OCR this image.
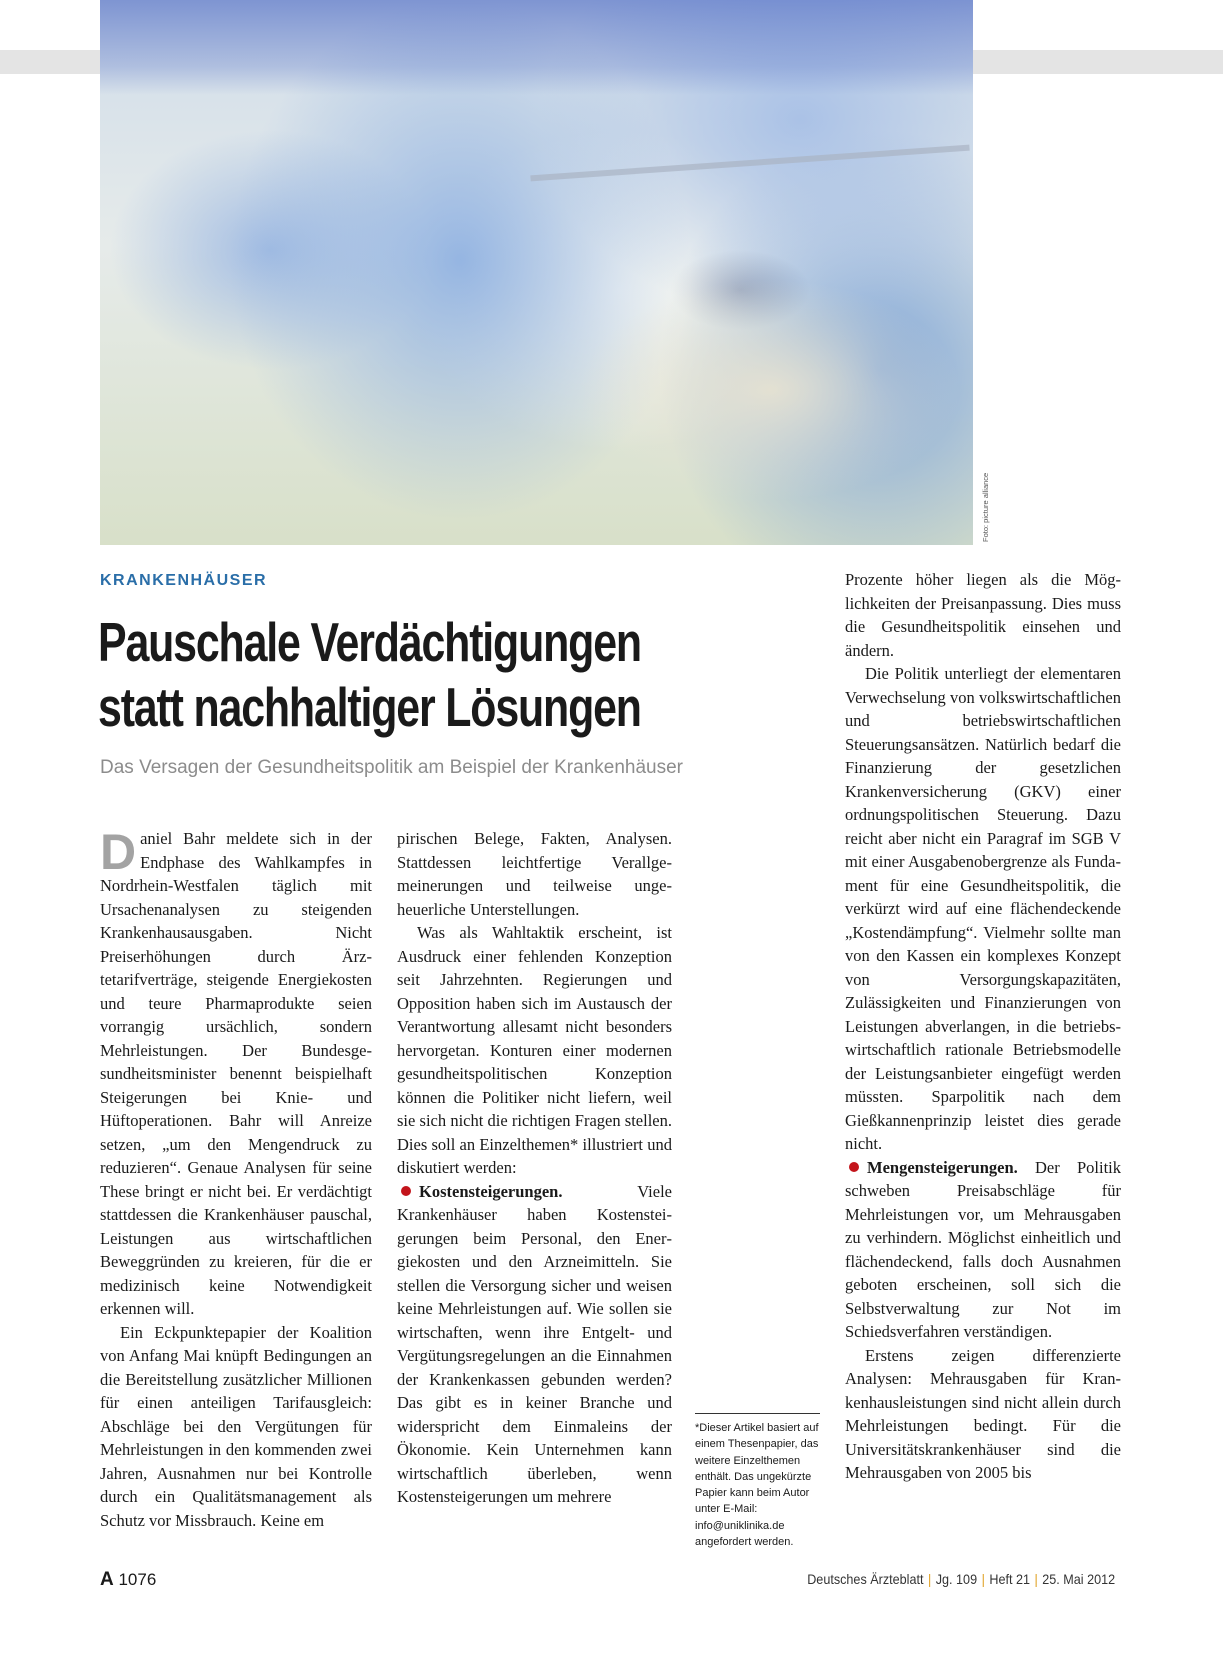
Foto: picture alliance
KRANKENHÄUSER
Pauschale Verdächtigungen
statt nachhaltiger Lösungen
Das Versagen der Gesundheitspolitik am Beispiel der Krankenhäuser

Daniel Bahr meldete sich in der Endphase des Wahlkampfes in Nordrhein-Westfalen täglich mit Ursachenanalysen zu steigenden Krankenhausausgaben. Nicht Preiserhöhungen durch Ärztetarifverträge, steigende Energiekosten und teure Pharmaprodukte seien vorrangig ursächlich, sondern Mehrleistungen. Der Bundesgesundheitsminister benennt beispielhaft Steigerungen bei Knie- und Hüftoperationen. Bahr will Anreize setzen, „um den Mengendruck zu reduzieren“. Genaue Analysen für seine These bringt er nicht bei. Er verdächtigt stattdessen die Krankenhäuser pauschal, Leistungen aus wirtschaftlichen Beweggründen zu kreieren, für die er medizinisch keine Notwendigkeit erkennen will.

Ein Eckpunktepapier der Koalition von Anfang Mai knüpft Bedingungen an die Bereitstellung zusätzlicher Millionen für einen anteiligen Tarifausgleich: Abschläge bei den Vergütungen für Mehrleistungen in den kommenden zwei Jahren, Ausnahmen nur bei Kontrolle durch ein Qualitätsmanagement als Schutz vor Missbrauch. Keine em

pirischen Belege, Fakten, Analysen. Stattdessen leichtfertige Verallgemeinerungen und teilweise ungeheuerliche Unterstellungen.

Was als Wahltaktik erscheint, ist Ausdruck einer fehlenden Konzeption seit Jahrzehnten. Regierungen und Opposition haben sich im Austausch der Verantwortung allesamt nicht besonders hervorgetan. Konturen einer modernen gesundheitspolitischen Konzeption können die Politiker nicht liefern, weil sie sich nicht die richtigen Fragen stellen. Dies soll an Einzelthemen* illustriert und diskutiert werden:

Kostensteigerungen. Viele Krankenhäuser haben Kostensteigerungen beim Personal, den Energiekosten und den Arzneimitteln. Sie stellen die Versorgung sicher und weisen keine Mehrleistungen auf. Wie sollen sie wirtschaften, wenn ihre Entgelt- und Vergütungsregelungen an die Einnahmen der Krankenkassen gebunden werden? Das gibt es in keiner Branche und widerspricht dem Einmaleins der Ökonomie. Kein Unternehmen kann wirtschaftlich überleben, wenn Kostensteigerungen um mehrere

Prozente höher liegen als die Möglichkeiten der Preisanpassung. Dies muss die Gesundheitspolitik einsehen und ändern.

Die Politik unterliegt der elementaren Verwechselung von volkswirtschaftlichen und betriebswirtschaftlichen Steuerungsansätzen. Natürlich bedarf die Finanzierung der gesetzlichen Krankenversicherung (GKV) einer ordnungspolitischen Steuerung. Dazu reicht aber nicht ein Paragraf im SGB V mit einer Ausgabenobergrenze als Fundament für eine Gesundheitspolitik, die verkürzt wird auf eine flächendeckende „Kostendämpfung“. Vielmehr sollte man von den Kassen ein komplexes Konzept von Versorgungskapazitäten, Zulässigkeiten und Finanzierungen von Leistungen abverlangen, in die betriebswirtschaftlich rationale Betriebsmodelle der Leistungsanbieter eingefügt werden müssten. Sparpolitik nach dem Gießkannenprinzip leistet dies gerade nicht.

Mengensteigerungen. Der Politik schweben Preisabschläge für Mehrleistungen vor, um Mehrausgaben zu verhindern. Möglichst einheitlich und flächendeckend, falls doch Ausnahmen geboten erscheinen, soll sich die Selbstverwaltung zur Not im Schiedsverfahren verständigen.

Erstens zeigen differenzierte Analysen: Mehrausgaben für Krankenhausleistungen sind nicht allein durch Mehrleistungen bedingt. Für die Universitätskrankenhäuser sind die Mehrausgaben von 2005 bis

*Dieser Artikel basiert auf einem Thesenpapier, das weitere Einzelthemen enthält. Das ungekürzte Papier kann beim Autor unter E-Mail: info@uniklinika.de angefordert werden.
A 1076	Deutsches Ärzteblatt | Jg. 109 | Heft 21 | 25. Mai 2012
